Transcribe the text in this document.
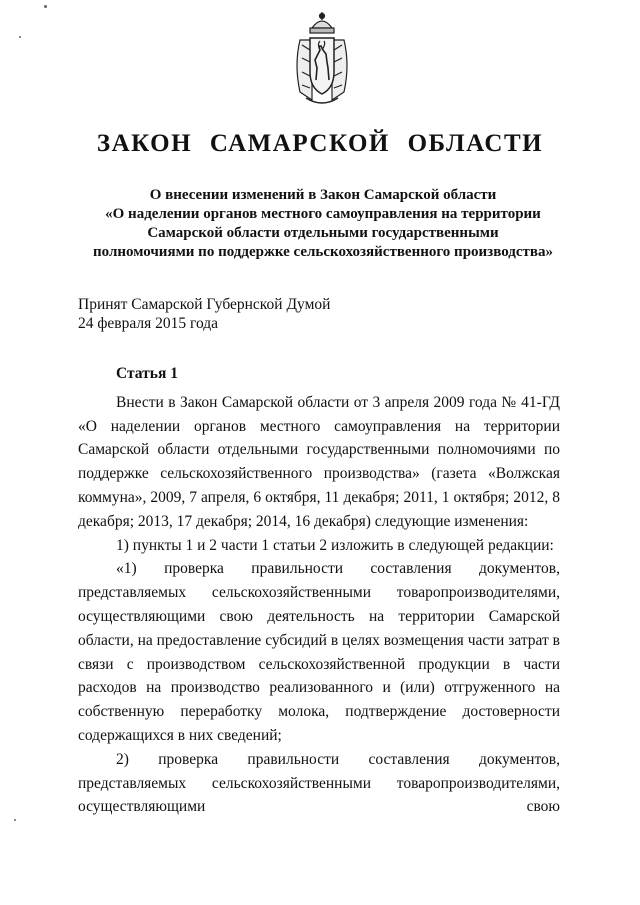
ЗАКОН САМАРСКОЙ ОБЛАСТИ
О внесении изменений в Закон Самарской области
«О наделении органов местного самоуправления на территории
Самарской области отдельными государственными
полномочиями по поддержке сельскохозяйственного производства»
Принят Самарской Губернской Думой
24 февраля 2015 года
Статья 1

Внести в Закон Самарской области от 3 апреля 2009 года № 41-ГД «О наделении органов местного самоуправления на территории Самарской области отдельными государственными полномочиями по поддержке сельскохозяйственного производства» (газета «Волжская коммуна», 2009, 7 апреля, 6 октября, 11 декабря; 2011, 1 октября; 2012, 8 декабря; 2013, 17 декабря; 2014, 16 декабря) следующие изменения:

1) пункты 1 и 2 части 1 статьи 2 изложить в следующей редакции:

«1) проверка правильности составления документов, представляемых сельскохозяйственными товаропроизводителями, осуществляющими свою деятельность на территории Самарской области, на предоставление субсидий в целях возмещения части затрат в связи с производством сельскохозяйственной продукции в части расходов на производство реализованного и (или) отгруженного на собственную переработку молока, подтверждение достоверности содержащихся в них сведений;

2) проверка правильности составления документов, представляемых сельскохозяйственными товаропроизводителями, осуществляющими свою
